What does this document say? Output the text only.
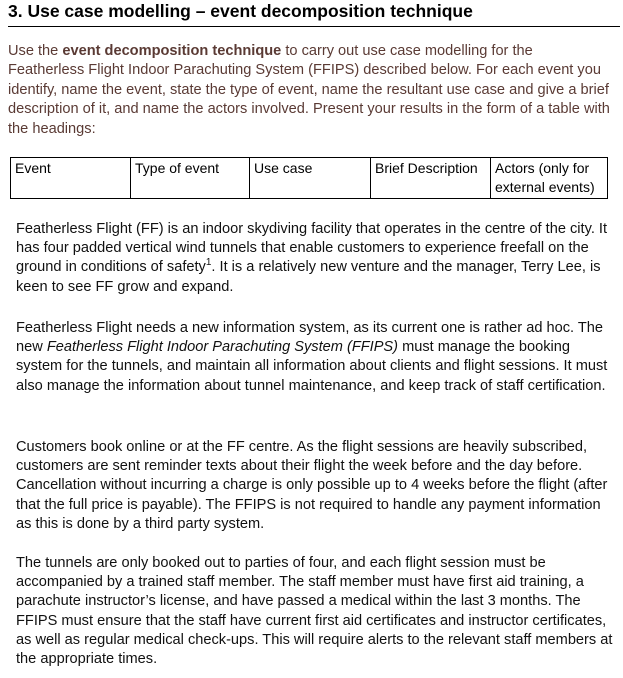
3. Use case modelling – event decomposition technique
Use the event decomposition technique to carry out use case modelling for the Featherless Flight Indoor Parachuting System (FFIPS) described below. For each event you identify, name the event, state the type of event, name the resultant use case and give a brief description of it, and name the actors involved. Present your results in the form of a table with the headings:
Event	Type of event	Use case	Brief Description	Actors (only for external events)
Featherless Flight (FF) is an indoor skydiving facility that operates in the centre of the city. It has four padded vertical wind tunnels that enable customers to experience freefall on the ground in conditions of safety$^1$. It is a relatively new venture and the manager, Terry Lee, is keen to see FF grow and expand.
Featherless Flight needs a new information system, as its current one is rather ad hoc. The new Featherless Flight Indoor Parachuting System (FFIPS) must manage the booking system for the tunnels, and maintain all information about clients and flight sessions. It must also manage the information about tunnel maintenance, and keep track of staff certification.
Customers book online or at the FF centre. As the flight sessions are heavily subscribed, customers are sent reminder texts about their flight the week before and the day before. Cancellation without incurring a charge is only possible up to 4 weeks before the flight (after that the full price is payable). The FFIPS is not required to handle any payment information as this is done by a third party system.
The tunnels are only booked out to parties of four, and each flight session must be accompanied by a trained staff member. The staff member must have first aid training, a parachute instructor’s license, and have passed a medical within the last 3 months. The FFIPS must ensure that the staff have current first aid certificates and instructor certificates, as well as regular medical check-ups. This will require alerts to the relevant staff members at the appropriate times.
